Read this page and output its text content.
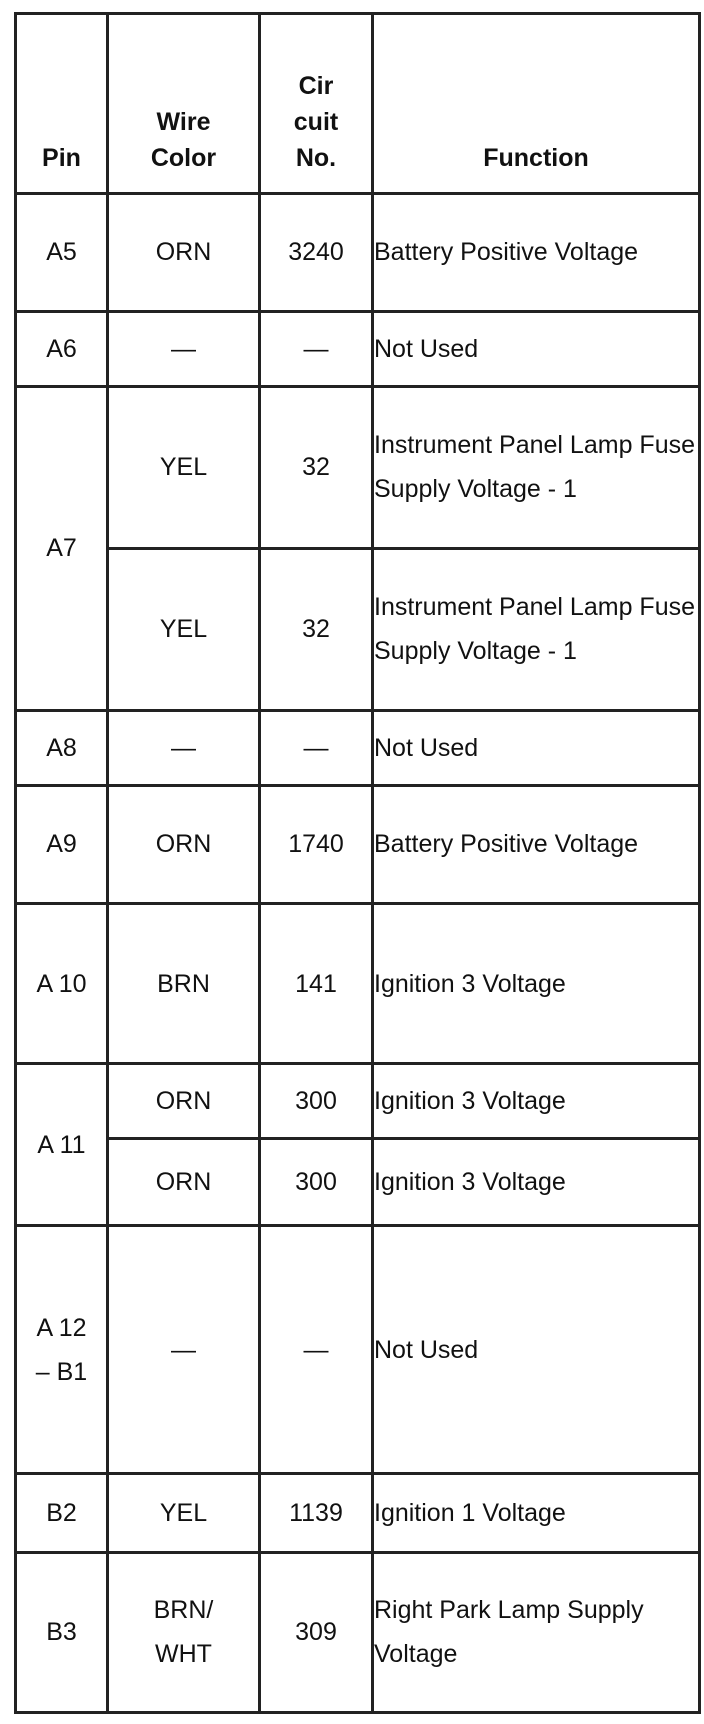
Pin	Wire Color	Cir cuit No.	Function
A5	ORN	3240	Battery Positive Voltage
A6	—	—	Not Used
A7	YEL	32	Instrument Panel Lamp Fuse Supply Voltage - 1
	YEL	32	Instrument Panel Lamp Fuse Supply Voltage - 1
A8	—	—	Not Used
A9	ORN	1740	Battery Positive Voltage
A 10	BRN	141	Ignition 3 Voltage
A 11	ORN	300	Ignition 3 Voltage
	ORN	300	Ignition 3 Voltage
A 12 – B1	—	—	Not Used
B2	YEL	1139	Ignition 1 Voltage
B3	BRN/ WHT	309	Right Park Lamp Supply Voltage
